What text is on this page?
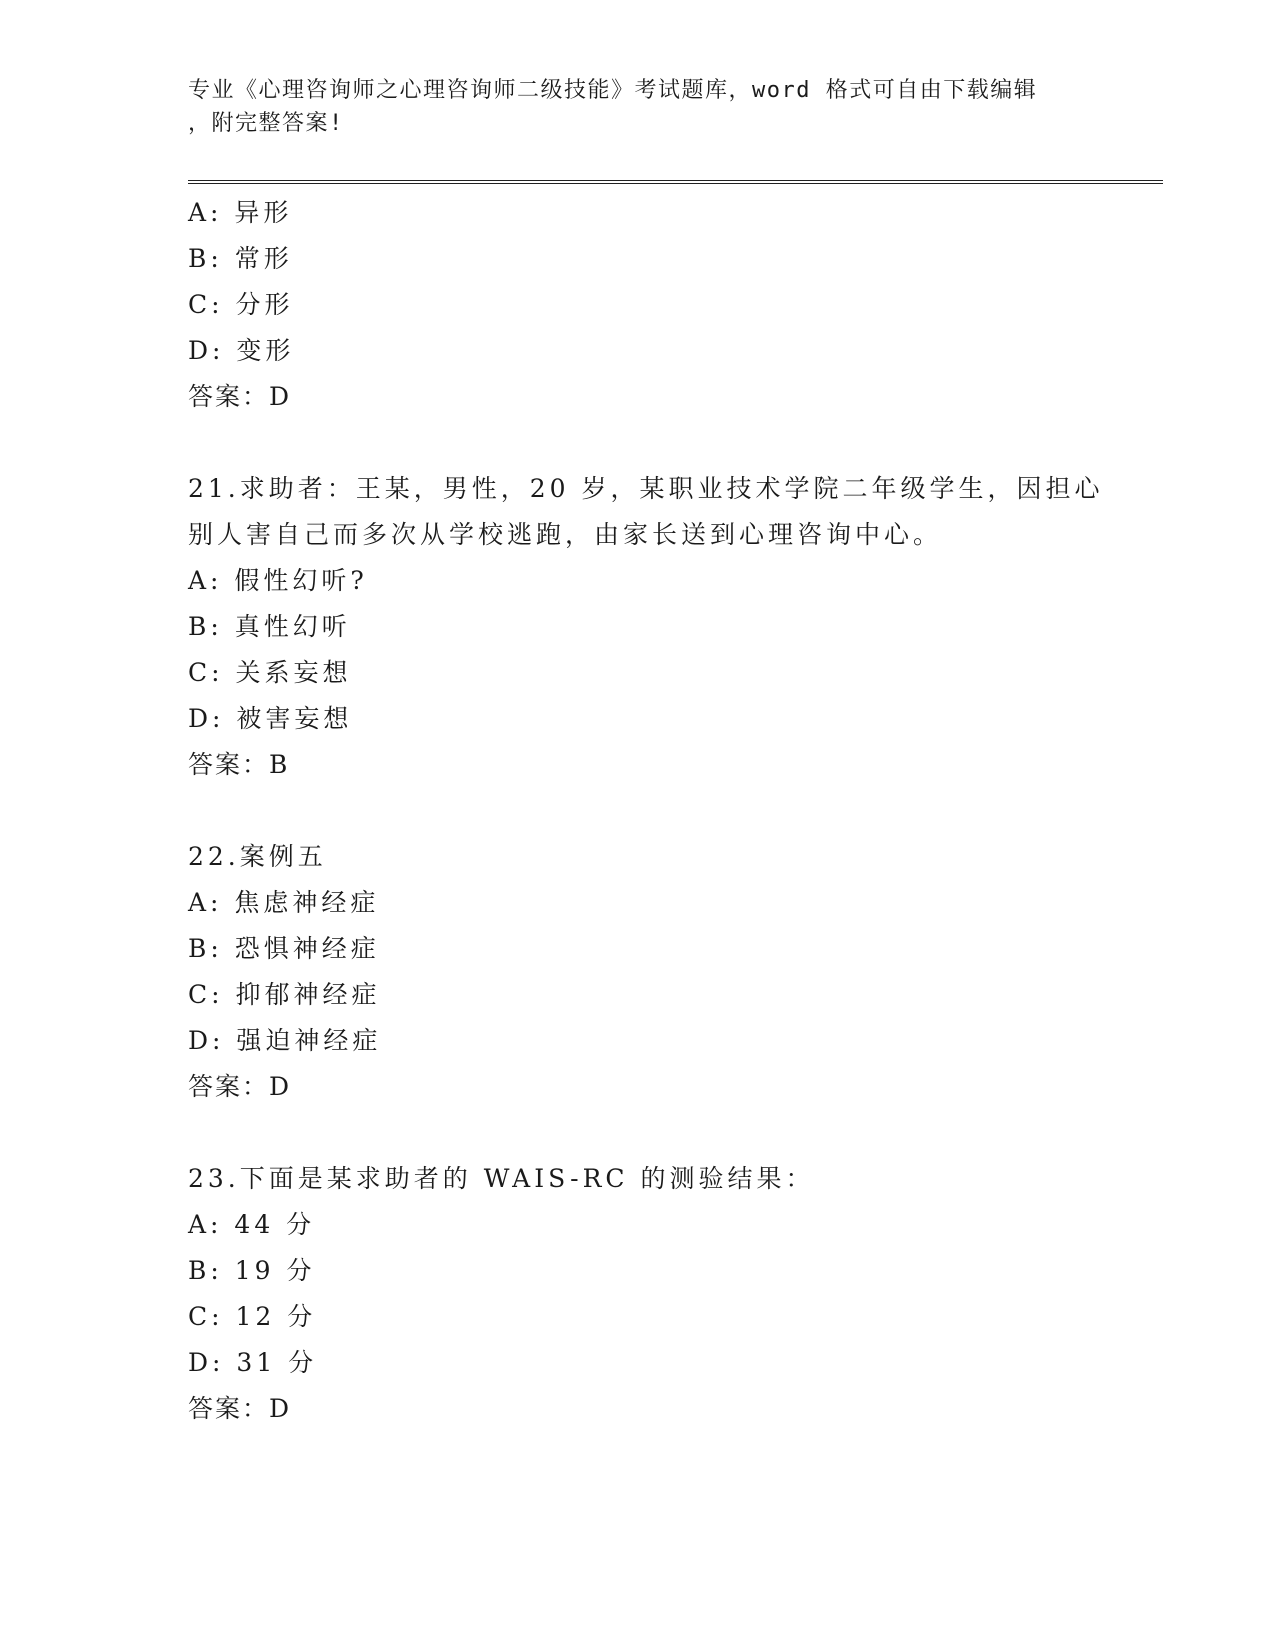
专业《心理咨询师之心理咨询师二级技能》考试题库，word 格式可自由下载编辑
，附完整答案!
A: 异形
B: 常形
C: 分形
D: 变形
答案：D
21.求助者：王某，男性，20 岁，某职业技术学院二年级学生，因担心
别人害自己而多次从学校逃跑，由家长送到心理咨询中心。
A: 假性幻听?
B: 真性幻听
C: 关系妄想
D: 被害妄想
答案：B
22.案例五
A: 焦虑神经症
B: 恐惧神经症
C: 抑郁神经症
D: 强迫神经症
答案：D
23.下面是某求助者的 WAIS-RC 的测验结果：
A: 44 分
B: 19 分
C: 12 分
D: 31 分
答案：D
